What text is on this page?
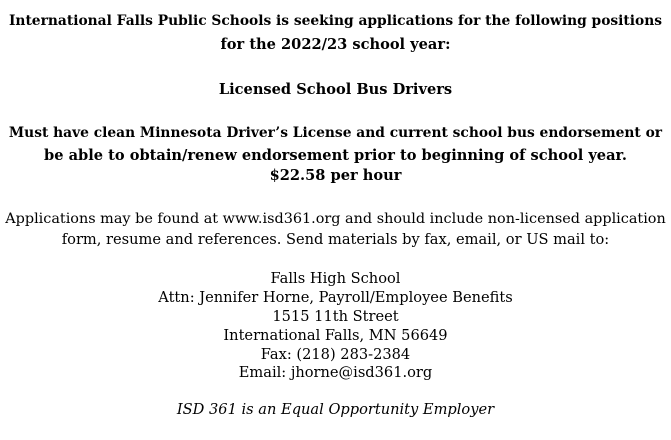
International Falls Public Schools is seeking applications for the following positions
for the 2022/23 school year:
Licensed School Bus Drivers
Must have clean Minnesota Driver’s License and current school bus endorsement or
be able to obtain/renew endorsement prior to beginning of school year.
$22.58 per hour
Applications may be found at www.isd361.org and should include non-licensed application
form, resume and references. Send materials by fax, email, or US mail to:
Falls High School
Attn: Jennifer Horne, Payroll/Employee Benefits
1515 11th Street
International Falls, MN 56649
Fax: (218) 283-2384
Email: jhorne@isd361.org
ISD 361 is an Equal Opportunity Employer
